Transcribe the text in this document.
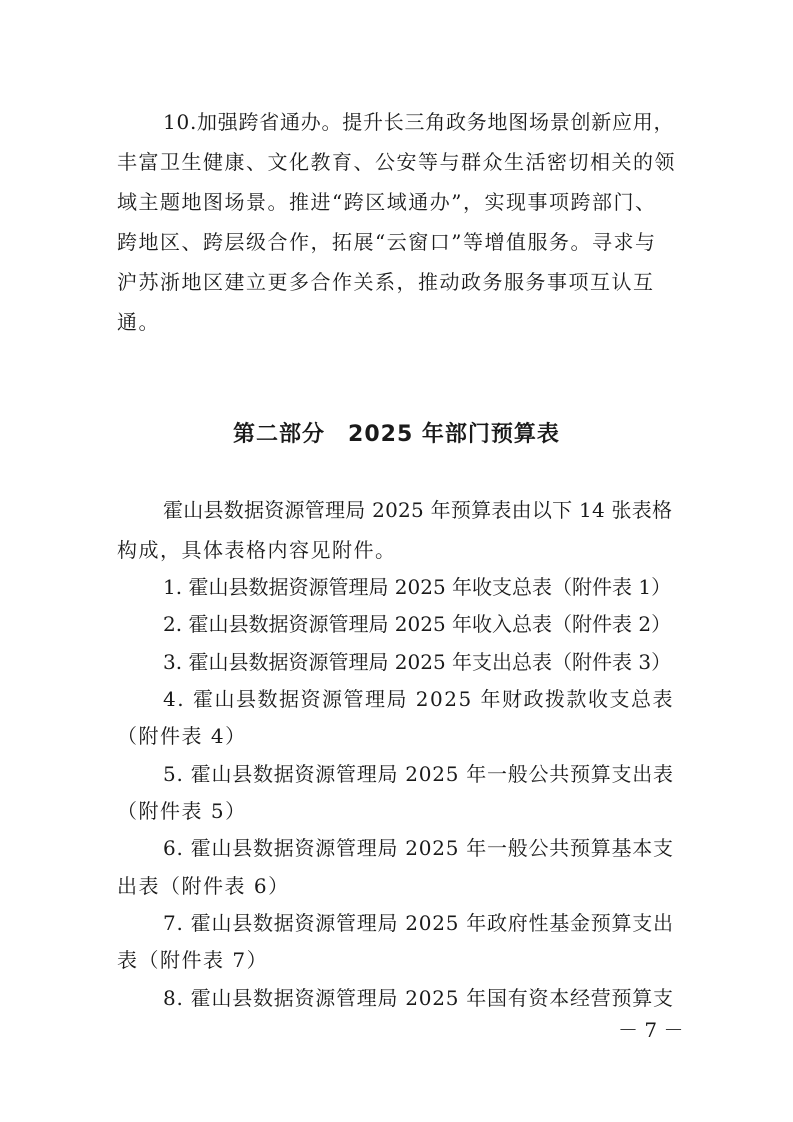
10.加强跨省通办。提升长三角政务地图场景创新应用，
丰富卫生健康、文化教育、公安等与群众生活密切相关的领
域主题地图场景。推进“跨区域通办”，实现事项跨部门、
跨地区、跨层级合作，拓展“云窗口”等增值服务。寻求与
沪苏浙地区建立更多合作关系，推动政务服务事项互认互
通。
第二部分　2025 年部门预算表
霍山县数据资源管理局 2025 年预算表由以下 14 张表格
构成，具体表格内容见附件。
1. 霍山县数据资源管理局 2025 年收支总表（附件表 1）
2. 霍山县数据资源管理局 2025 年收入总表（附件表 2）
3. 霍山县数据资源管理局 2025 年支出总表（附件表 3）
4. 霍山县数据资源管理局 2025 年财政拨款收支总表
（附件表 4）
5. 霍山县数据资源管理局 2025 年一般公共预算支出表
（附件表 5）
6. 霍山县数据资源管理局 2025 年一般公共预算基本支
出表（附件表 6）
7. 霍山县数据资源管理局 2025 年政府性基金预算支出
表（附件表 7）
8. 霍山县数据资源管理局 2025 年国有资本经营预算支
－ 7 －
